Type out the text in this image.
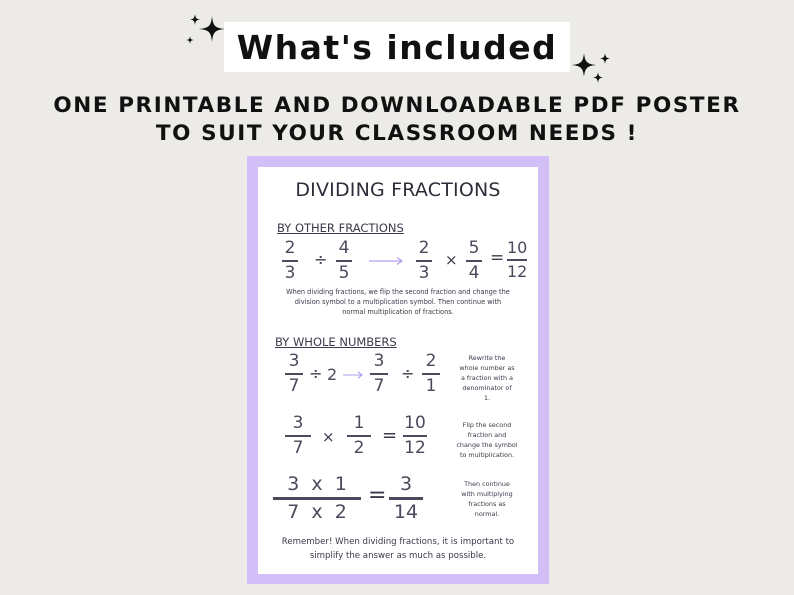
What's included
ONE PRINTABLE AND DOWNLOADABLE PDF POSTER
TO SUIT YOUR CLASSROOM NEEDS !
DIVIDING FRACTIONS
BY OTHER FRACTIONS
2
3
÷
4
5
2
3
×
5
4
=
10
12
When dividing fractions, we flip the second fraction and change the
division symbol to a multiplication symbol. Then continue with
normal multiplication of fractions.
BY WHOLE NUMBERS
3
7
÷ 2
3
7
÷
2
1
Rewrite the
whole number as
a fraction with a
denominator of
1.
3
7
×
1
2
=
10
12
Flip the second
fraction and
change the symbol
to multiplication.
3  x  1
7  x  2
= 3
14
Then continue
with multiplying
fractions as
normal.
Remember! When dividing fractions, it is important to
simplify the answer as much as possible.
